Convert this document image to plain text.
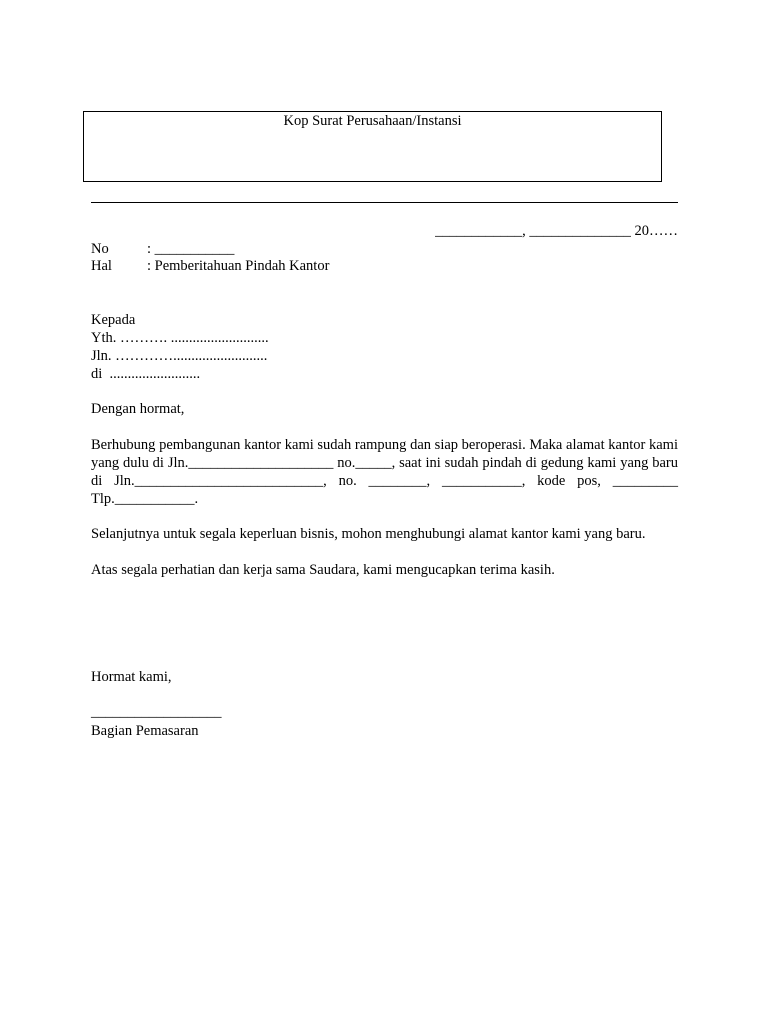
Kop Surat Perusahaan/Instansi
____________, ______________ 20……
No	: ___________
Hal : Pemberitahuan Pindah Kantor
Kepada
Yth. ………. ...........................
Jln. …………..........................
di  .........................
Dengan hormat,
Berhubung pembangunan kantor kami sudah rampung dan siap beroperasi. Maka alamat kantor kami yang dulu di Jln.____________________ no._____, saat ini sudah pindah di gedung kami yang baru di Jln.__________________________, no. ________, ___________, kode pos, _________ Tlp.___________.
Selanjutnya untuk segala keperluan bisnis, mohon menghubungi alamat kantor kami yang baru.
Atas segala perhatian dan kerja sama Saudara, kami mengucapkan terima kasih.
Hormat kami,
__________________
Bagian Pemasaran
